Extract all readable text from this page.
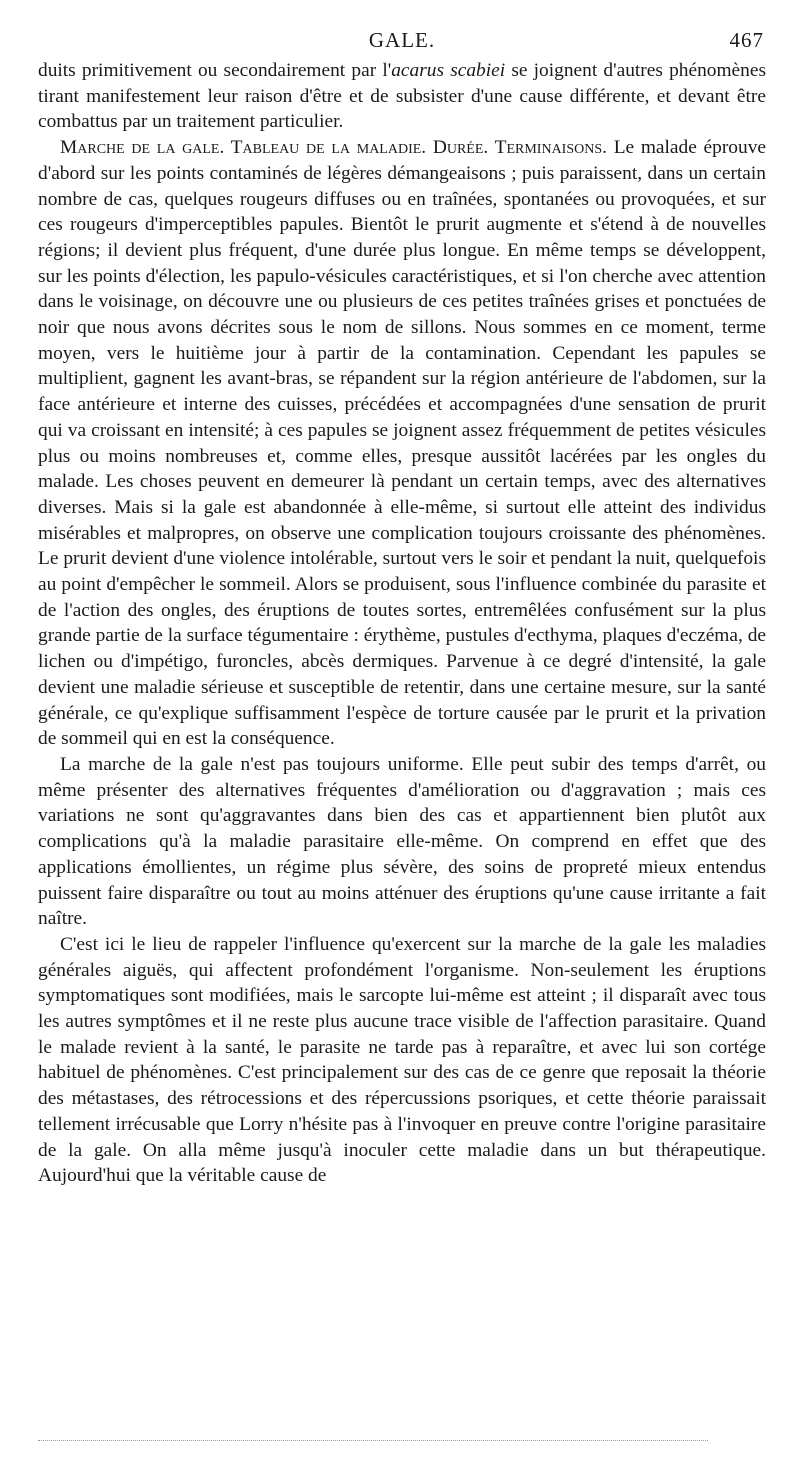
GALE.	467

duits primitivement ou secondairement par l'acarus scabiei se joignent d'autres phénomènes tirant manifestement leur raison d'être et de subsister d'une cause différente, et devant être combattus par un traitement particulier.

Marche de la gale. Tableau de la maladie. Durée. Terminaisons. Le malade éprouve d'abord sur les points contaminés de légères démangeaisons ; puis paraissent, dans un certain nombre de cas, quelques rougeurs diffuses ou en traînées, spontanées ou provoquées, et sur ces rougeurs d'imperceptibles papules. Bientôt le prurit augmente et s'étend à de nouvelles régions; il devient plus fréquent, d'une durée plus longue. En même temps se développent, sur les points d'élection, les papulo-vésicules caractéristiques, et si l'on cherche avec attention dans le voisinage, on découvre une ou plusieurs de ces petites traînées grises et ponctuées de noir que nous avons décrites sous le nom de sillons. Nous sommes en ce moment, terme moyen, vers le huitième jour à partir de la contamination. Cependant les papules se multiplient, gagnent les avant-bras, se répandent sur la région antérieure de l'abdomen, sur la face antérieure et interne des cuisses, précédées et accompagnées d'une sensation de prurit qui va croissant en intensité; à ces papules se joignent assez fréquemment de petites vésicules plus ou moins nombreuses et, comme elles, presque aussitôt lacérées par les ongles du malade. Les choses peuvent en demeurer là pendant un certain temps, avec des alternatives diverses. Mais si la gale est abandonnée à elle-même, si surtout elle atteint des individus misérables et malpropres, on observe une complication toujours croissante des phénomènes. Le prurit devient d'une violence intolérable, surtout vers le soir et pendant la nuit, quelquefois au point d'empêcher le sommeil. Alors se produisent, sous l'influence combinée du parasite et de l'action des ongles, des éruptions de toutes sortes, entremêlées confusément sur la plus grande partie de la surface tégumentaire : érythème, pustules d'ecthyma, plaques d'eczéma, de lichen ou d'impétigo, furoncles, abcès dermiques. Parvenue à ce degré d'intensité, la gale devient une maladie sérieuse et susceptible de retentir, dans une certaine mesure, sur la santé générale, ce qu'explique suffisamment l'espèce de torture causée par le prurit et la privation de sommeil qui en est la conséquence.

La marche de la gale n'est pas toujours uniforme. Elle peut subir des temps d'arrêt, ou même présenter des alternatives fréquentes d'amélioration ou d'aggravation ; mais ces variations ne sont qu'aggravantes dans bien des cas et appartiennent bien plutôt aux complications qu'à la maladie parasitaire elle-même. On comprend en effet que des applications émollientes, un régime plus sévère, des soins de propreté mieux entendus puissent faire disparaître ou tout au moins atténuer des éruptions qu'une cause irritante a fait naître.

C'est ici le lieu de rappeler l'influence qu'exercent sur la marche de la gale les maladies générales aiguës, qui affectent profondément l'organisme. Non-seulement les éruptions symptomatiques sont modifiées, mais le sarcopte lui-même est atteint ; il disparaît avec tous les autres symptômes et il ne reste plus aucune trace visible de l'affection parasitaire. Quand le malade revient à la santé, le parasite ne tarde pas à reparaître, et avec lui son cortége habituel de phénomènes. C'est principalement sur des cas de ce genre que reposait la théorie des métastases, des rétrocessions et des répercussions psoriques, et cette théorie paraissait tellement irrécusable que Lorry n'hésite pas à l'invoquer en preuve contre l'origine parasitaire de la gale. On alla même jusqu'à inoculer cette maladie dans un but thérapeutique. Aujourd'hui que la véritable cause de
